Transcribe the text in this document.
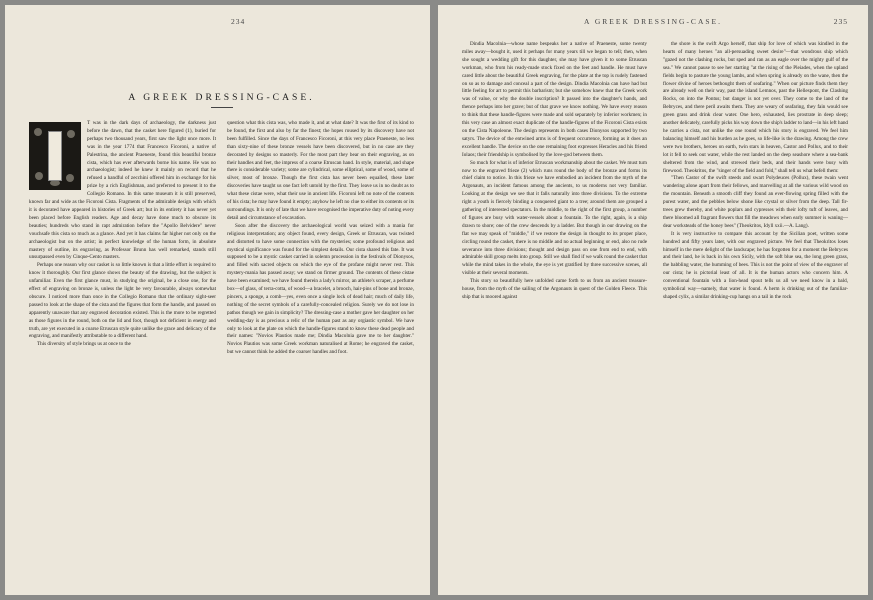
234
A GREEK DRESSING-CASE.

T was in the dark days of archaeology, the darkness just before the dawn, that the casket here figured (1), buried for perhaps two thousand years, first saw the light once more. It was in the year 1774 that Francesco Ficoroni, a native of Palestrina, the ancient Praeneste, found this beautiful bronze cista, which has ever afterwards borne his name. He was no archaeologist; indeed he knew it mainly on record that he refused a handful of zecchini offered him in exchange for his prize by a rich Englishman, and preferred to present it to the Collegio Romano. In this same museum it is still preserved, known far and wide as the Ficoroni Cista. Fragments of the admirable design with which it is decorated have appeared in histories of Greek art; but in its entirety it has never yet been placed before English readers. Age and decay have done much to obscure its beauties; hundreds who stand in rapt admiration before the "Apollo Belvidere" never vouchsafe this cista so much as a glance. And yet it has claims far higher not only on the archaeologist but on the artist; in perfect knowledge of the human form, in absolute mastery of outline, its engraving, as Professor Brunn has well remarked, stands still unsurpassed even by Cinque-Cento masters.

Perhaps one reason why our casket is so little known is that a little effort is required to know it thoroughly. Our first glance shows the beauty of the drawing, but the subject is unfamiliar. Even the first glance must, in studying the original, be a close one, for the effect of engraving on bronze is, unless the light be very favourable, always somewhat obscure. I noticed more than once in the Collegio Romano that the ordinary sight-seer passed to look at the shape of the cista and the figures that form the handle, and passed on apparently unaware that any engraved decoration existed. This is the more to be regretted as those figures in the round, both on the lid and foot, though not deficient in energy and truth, are yet executed in a coarse Etruscan style quite unlike the grace and delicacy of the engraving, and manifestly attributable to a different hand.

This diversity of style brings us at once to the

question what this cista was, who made it, and at what date? It was the first of its kind to be found, the first and also by far the finest; the hopes roused by its discovery have not been fulfilled. Since the days of Francesco Ficoroni, at this very place Praeneste, no less than sixty-nine of these bronze vessels have been discovered, but in no case are they decorated by designs so masterly. For the most part they bear on their engraving, as on their handles and feet, the impress of a coarse Etruscan hand. In style, material, and shape there is considerable variety; some are cylindrical, some elliptical, some of wood, some of silver, most of bronze. Though the first cista has never been equalled, these later discoveries have taught us one fact left untold by the first. They leave us in no doubt as to what these cistae were, what their use in ancient life. Ficoroni left no note of the contents of his cista; he may have found it empty; anyhow he left no clue to either its contents or its surroundings. It is only of late that we have recognised the imperative duty of noting every detail and circumstance of excavation.

Soon after the discovery the archaeological world was seized with a mania for religious interpretation; any object found, every design, Greek or Etruscan, was twisted and distorted to have some connection with the mysteries; some profound religious and mystical significance was found for the simplest details. Our cista shared this fate. It was supposed to be a mystic casket carried in solemn procession in the festivals of Dionysos, and filled with sacred objects on which the eye of the profane might never rest. This mystery-mania has passed away; we stand on firmer ground. The contents of these cistae have been examined; we have found therein a lady's mirror, an athlete's scraper, a perfume box—of glass, of terra-cotta, of wood—a bracelet, a brooch, hair-pins of bone and bronze, pincers, a sponge, a comb—yes, even once a single lock of dead hair; much of daily life, nothing of the secret symbols of a carefully-concealed religion. Surely we do not lose in pathos though we gain in simplicity? The dressing-case a mother gave her daughter on her wedding-day is as precious a relic of the human past as any orgiastic symbol. We have only to look at the plate on which the handle-figures stand to know these dead people and their names: "Novios Plautios made me; Dindia Macolnia gave me to her daughter." Novios Plautios was some Greek workman naturalised at Rome; he engraved the casket, but we cannot think he added the coarser handles and foot.

A GREEK DRESSING-CASE.	235

Dindia Macolnia—whose name bespeaks her a native of Praeneste, some twenty miles away—bought it, used it perhaps for many years till we began to tell; then, when she sought a wedding gift for this daughter, she may have given it to some Etruscan workman, who from his ready-made stock fixed on the feet and handle. He must have cared little about the beautiful Greek engraving, for the plate at the top is rudely fastened on so as to damage and conceal a part of the design. Dindia Macolnia can have had but little feeling for art to permit this barbarism; but she somehow knew that the Greek work was of value, or why the double inscription? It passed into the daughter's hands, and thence perhaps into her grave; but of that grave we know nothing. We have every reason to think that these handle-figures were made and sold separately by inferior workmen; in this very case an almost exact duplicate of the handle-figures of the Ficoroni Cista exists on the Cista Napoleone. The design represents in both cases Dionysos supported by two satyrs. The device of the entwined arms is of frequent occurrence, forming as it does an excellent handle. The device on the one remaining foot expresses Heracles and his friend Iolaos; their friendship is symbolised by the love-god between them.

So much for what is of inferior Etruscan workmanship about the casket. We must turn now to the engraved frieze (2) which runs round the body of the bronze and forms its chief claim to notice. In this frieze we have embodied an incident from the myth of the Argonauts, an incident famous among the ancients, to us moderns not very familiar. Looking at the design we see that it falls naturally into three divisions. To the extreme right a youth is fiercely binding a conquered giant to a tree; around them are grouped a gathering of interested spectators. In the middle, to the right of the first group, a number of figures are busy with water-vessels about a fountain. To the right, again, is a ship drawn to shore; one of the crew descends by a ladder. But though in our drawing on the flat we may speak of "middle," if we restore the design in thought to its proper place, circling round the casket, there is no middle and no actual beginning or end, also no rude severance into three divisions; thought and design pass on one from end to end, with admirable skill group melts into group. Still we shall find if we walk round the casket that while the mind takes in the whole, the eye is yet gratified by three successive scenes, all visible at their several moments.

This story so beautifully here unfolded came forth to us from an ancient treasure-house, from the myth of the sailing of the Argonauts in quest of the Golden Fleece. This ship that is moored against

the shore is the swift Argo herself, that ship for love of which was kindled in the hearts of many heroes "an all-persuading sweet desire"—that wondrous ship which "gazed not the clashing rocks, but sped and ran as an eagle over the mighty gulf of the sea." We cannot pause to see her starting "at the rising of the Pleiades, when the upland fields begin to pasture the young lambs, and when spring is already on the wane, then the flower divine of heroes bethought them of seafaring." When our picture finds them they are already well on their way, past the island Lemnos, past the Hellespont, the Clashing Rocks, on into the Pontus; but danger is not yet over. They come to the land of the Bebryces, and there peril awaits them. They are weary of seafaring, they fain would see green grass and drink clear water. One hero, exhausted, lies prostrate in deep sleep; another delicately, carefully picks his way down the ship's ladder to land—in his left hand he carries a cista, not unlike the one round which his story is engraved. We feel him balancing himself and his burden as he goes, so life-like is the drawing. Among the crew were two brothers, heroes on earth, twin stars in heaven, Castor and Pollux, and to their lot it fell to seek out water, while the rest landed on the deep seashore where a sea-bank sheltered from the wind, and strewed their beds, and their hands were busy with firewood. Theokritos, the "singer of the field and fold," shall tell us what befell them:

"Then Castor of the swift steeds and swart Polydeuces (Pollux), these twain went wandering alone apart from their fellows, and marvelling at all the various wild wood on the mountain. Beneath a smooth cliff they found an ever-flowing spring filled with the purest water, and the pebbles below shone like crystal or silver from the deep. Tall fir-trees grew thereby, and white poplars and cypresses with their lofty tuft of leaves, and there bloomed all fragrant flowers that fill the meadows when early summer is waning—dear worksteads of the honey bees" (Theokritos, Idyll xxii.—A. Lang).

It is very instructive to compare this account by the Sicilian poet, written some hundred and fifty years later, with our engraved picture. We feel that Theokritos loses himself in the mere delight of the landscape; he has forgotten for a moment the Bebryces and their land, he is back in his own Sicily, with the soft blue sea, the long green grass, the babbling water, the humming of bees. This is not the point of view of the engraver of our cista; he is pictorial least of all. It is the human actors who concern him. A conventional fountain with a lion-head spout tells us all we need know in a bald, symbolical way—namely, that water is found. A herm is drinking out of the familiar-shaped cylix, a similar drinking-cup hangs on a tail in the rock
